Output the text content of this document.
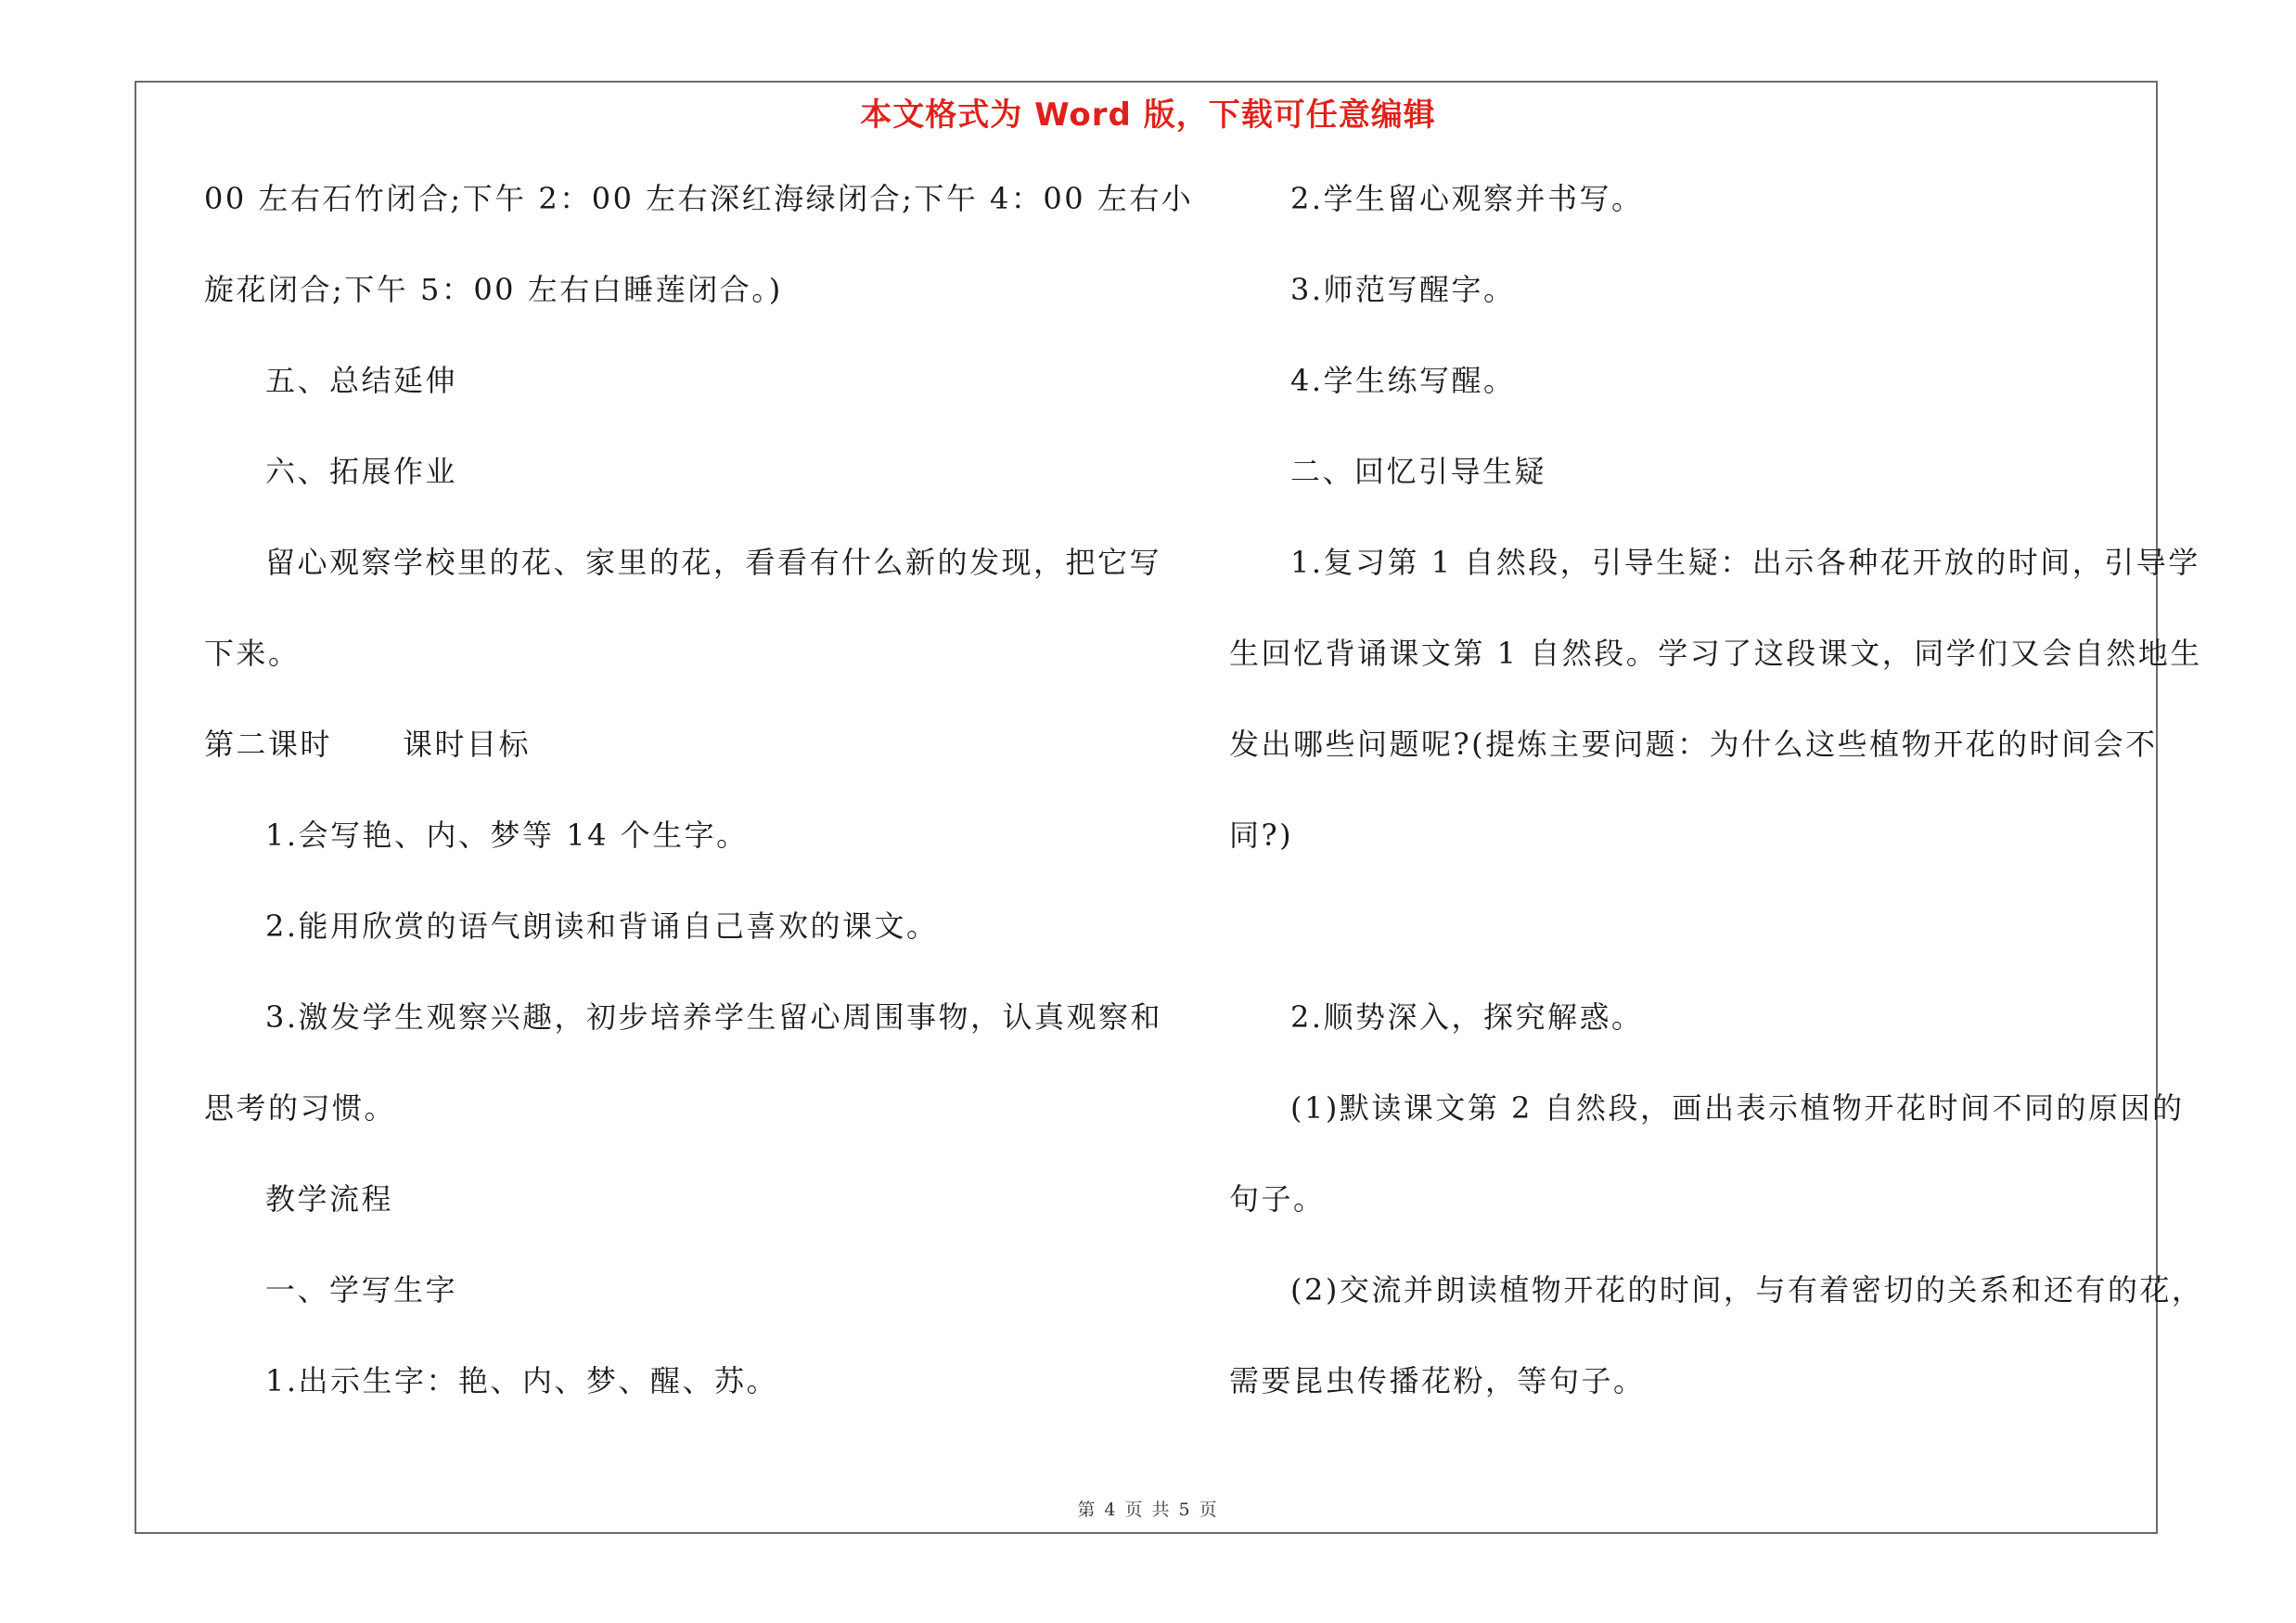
本文格式为 Word 版，下载可任意编辑
00 左右石竹闭合;下午 2：00 左右深红海绿闭合;下午 4：00 左右小
旋花闭合;下午 5：00 左右白睡莲闭合。)
五、总结延伸
六、拓展作业
留心观察学校里的花、家里的花，看看有什么新的发现，把它写
下来。
第二课时      课时目标
1.会写艳、内、梦等 14 个生字。
2.能用欣赏的语气朗读和背诵自己喜欢的课文。
3.激发学生观察兴趣，初步培养学生留心周围事物，认真观察和
思考的习惯。
教学流程
一、学写生字
1.出示生字：艳、内、梦、醒、苏。
2.学生留心观察并书写。
3.师范写醒字。
4.学生练写醒。
二、回忆引导生疑
1.复习第 1 自然段，引导生疑：出示各种花开放的时间，引导学
生回忆背诵课文第 1 自然段。学习了这段课文，同学们又会自然地生
发出哪些问题呢?(提炼主要问题：为什么这些植物开花的时间会不
同?)
2.顺势深入，探究解惑。
(1)默读课文第 2 自然段，画出表示植物开花时间不同的原因的
句子。
(2)交流并朗读植物开花的时间，与有着密切的关系和还有的花，
需要昆虫传播花粉，等句子。
第 4 页 共 5 页
